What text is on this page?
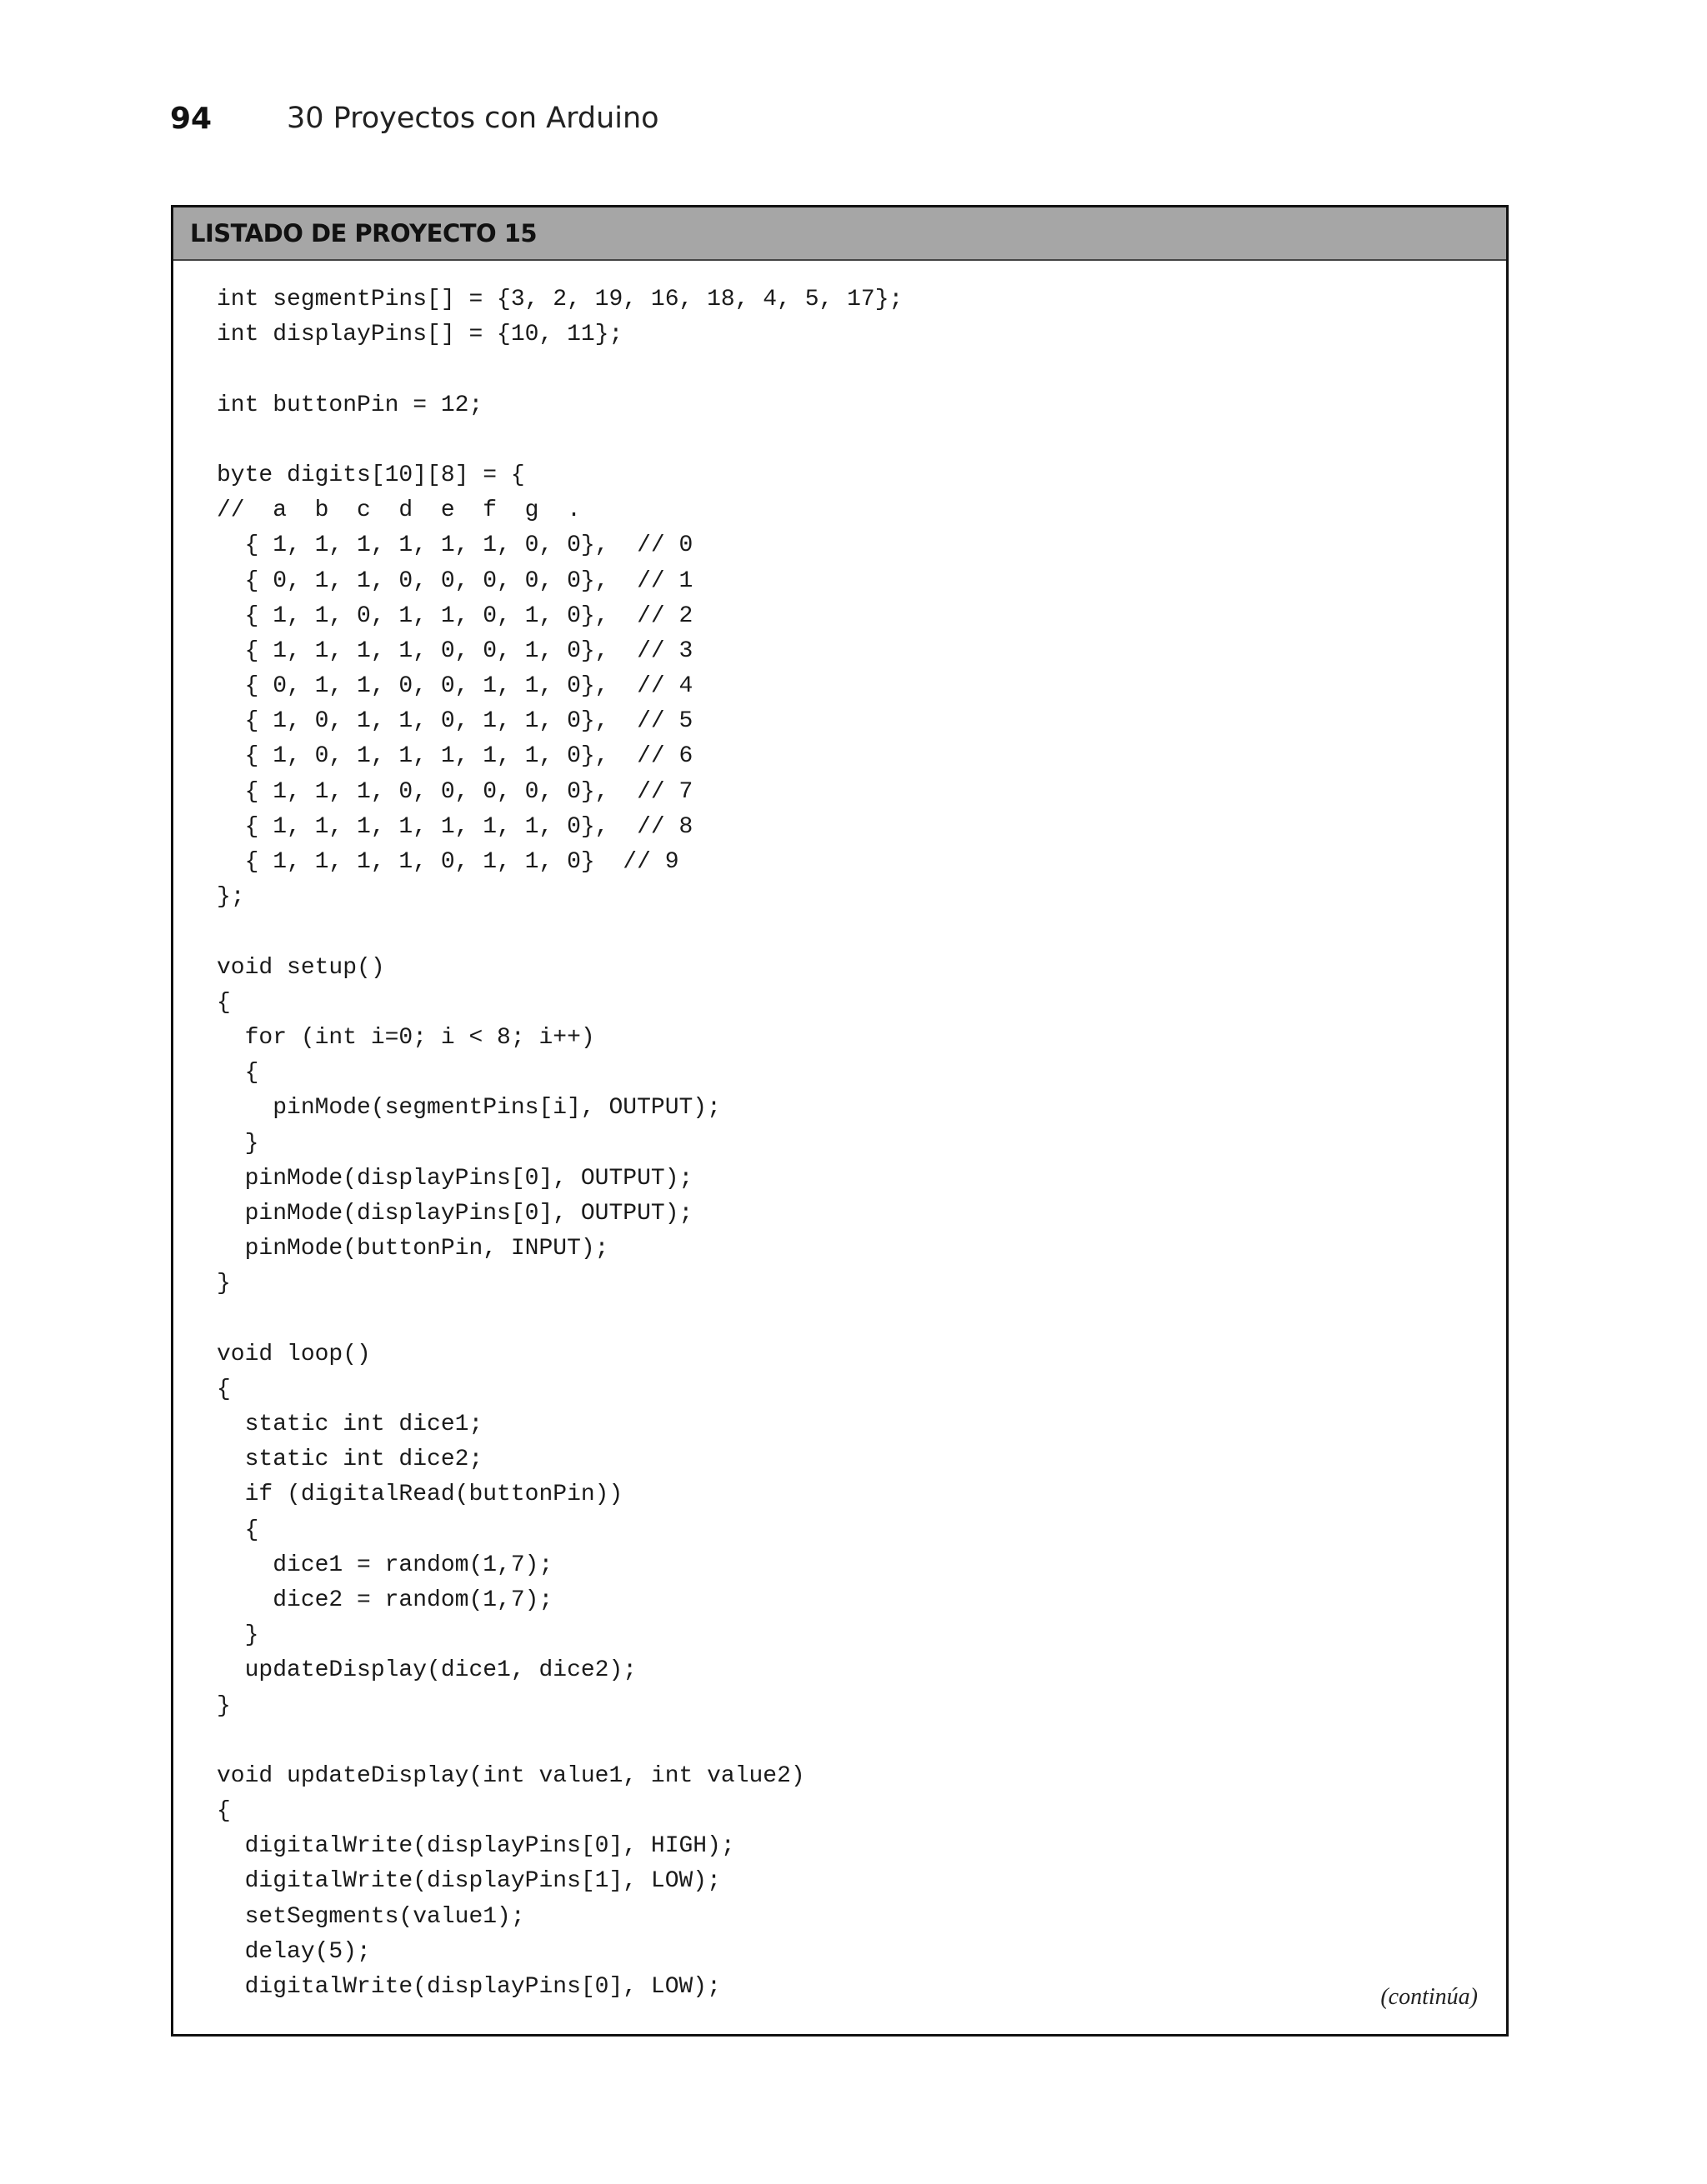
94	30 Proyectos con Arduino
LISTADO DE PROYECTO 15
int segmentPins[] = {3, 2, 19, 16, 18, 4, 5, 17};
int displayPins[] = {10, 11};
int buttonPin = 12;
byte digits[10][8] = {
//  a  b  c  d  e  f  g  .
{ 1, 1, 1, 1, 1, 1, 0, 0},  // 0
{ 0, 1, 1, 0, 0, 0, 0, 0},  // 1
{ 1, 1, 0, 1, 1, 0, 1, 0},  // 2
{ 1, 1, 1, 1, 0, 0, 1, 0},  // 3
{ 0, 1, 1, 0, 0, 1, 1, 0},  // 4
{ 1, 0, 1, 1, 0, 1, 1, 0},  // 5
{ 1, 0, 1, 1, 1, 1, 1, 0},  // 6
{ 1, 1, 1, 0, 0, 0, 0, 0},  // 7
{ 1, 1, 1, 1, 1, 1, 1, 0},  // 8
{ 1, 1, 1, 1, 0, 1, 1, 0}  // 9
};
void setup()
{
for (int i=0; i < 8; i++)
{
pinMode(segmentPins[i], OUTPUT);
}
pinMode(displayPins[0], OUTPUT);
pinMode(displayPins[0], OUTPUT);
pinMode(buttonPin, INPUT);
}
void loop()
{
static int dice1;
static int dice2;
if (digitalRead(buttonPin))
{
dice1 = random(1,7);
dice2 = random(1,7);
}
updateDisplay(dice1, dice2);
}
void updateDisplay(int value1, int value2)
{
digitalWrite(displayPins[0], HIGH);
digitalWrite(displayPins[1], LOW);
setSegments(value1);
delay(5);
digitalWrite(displayPins[0], LOW);	(continúa)
